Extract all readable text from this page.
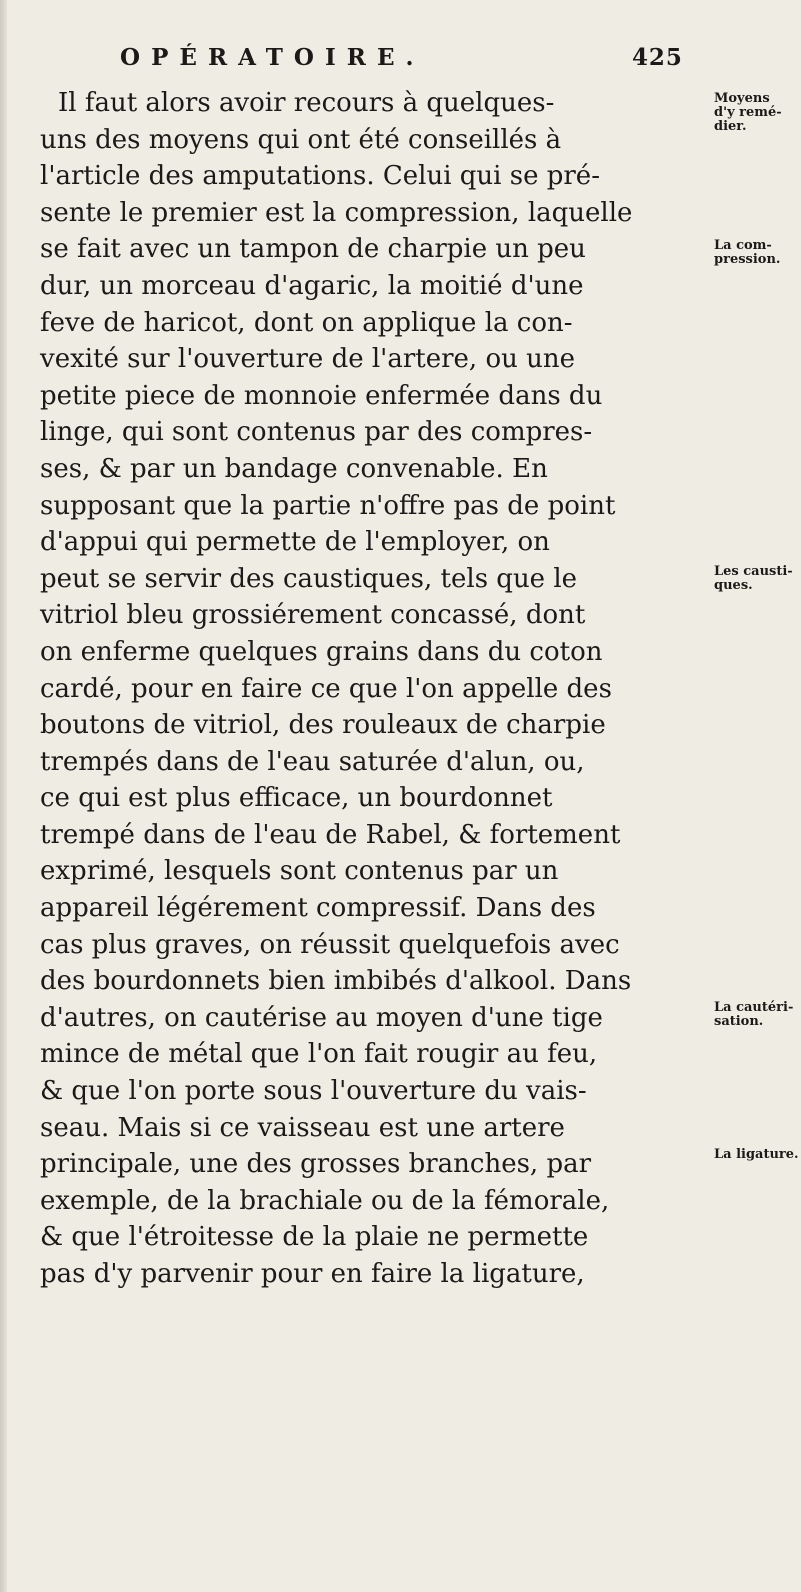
OPÉRATOIRE.	425
Il faut alors avoir recours à quelques-
uns des moyens qui ont été conseillés à
l'article des amputations. Celui qui se pré-
sente le premier est la compression, laquelle
se fait avec un tampon de charpie un peu
dur, un morceau d'agaric, la moitié d'une
feve de haricot, dont on applique la con-
vexité sur l'ouverture de l'artere, ou une
petite piece de monnoie enfermée dans du
linge, qui sont contenus par des compres-
ses, & par un bandage convenable. En
supposant que la partie n'offre pas de point
d'appui qui permette de l'employer, on
peut se servir des caustiques, tels que le
vitriol bleu grossiérement concassé, dont
on enferme quelques grains dans du coton
cardé, pour en faire ce que l'on appelle des
boutons de vitriol, des rouleaux de charpie
trempés dans de l'eau saturée d'alun, ou,
ce qui est plus efficace, un bourdonnet
trempé dans de l'eau de Rabel, & fortement
exprimé, lesquels sont contenus par un
appareil légérement compressif. Dans des
cas plus graves, on réussit quelquefois avec
des bourdonnets bien imbibés d'alkool. Dans
d'autres, on cautérise au moyen d'une tige
mince de métal que l'on fait rougir au feu,
& que l'on porte sous l'ouverture du vais-
seau. Mais si ce vaisseau est une artere
principale, une des grosses branches, par
exemple, de la brachiale ou de la fémorale,
& que l'étroitesse de la plaie ne permette
pas d'y parvenir pour en faire la ligature,
Moyens
d'y remé-
dier.
La com-
pression.
Les causti-
ques.
La cautéri-
sation.
La ligature.
